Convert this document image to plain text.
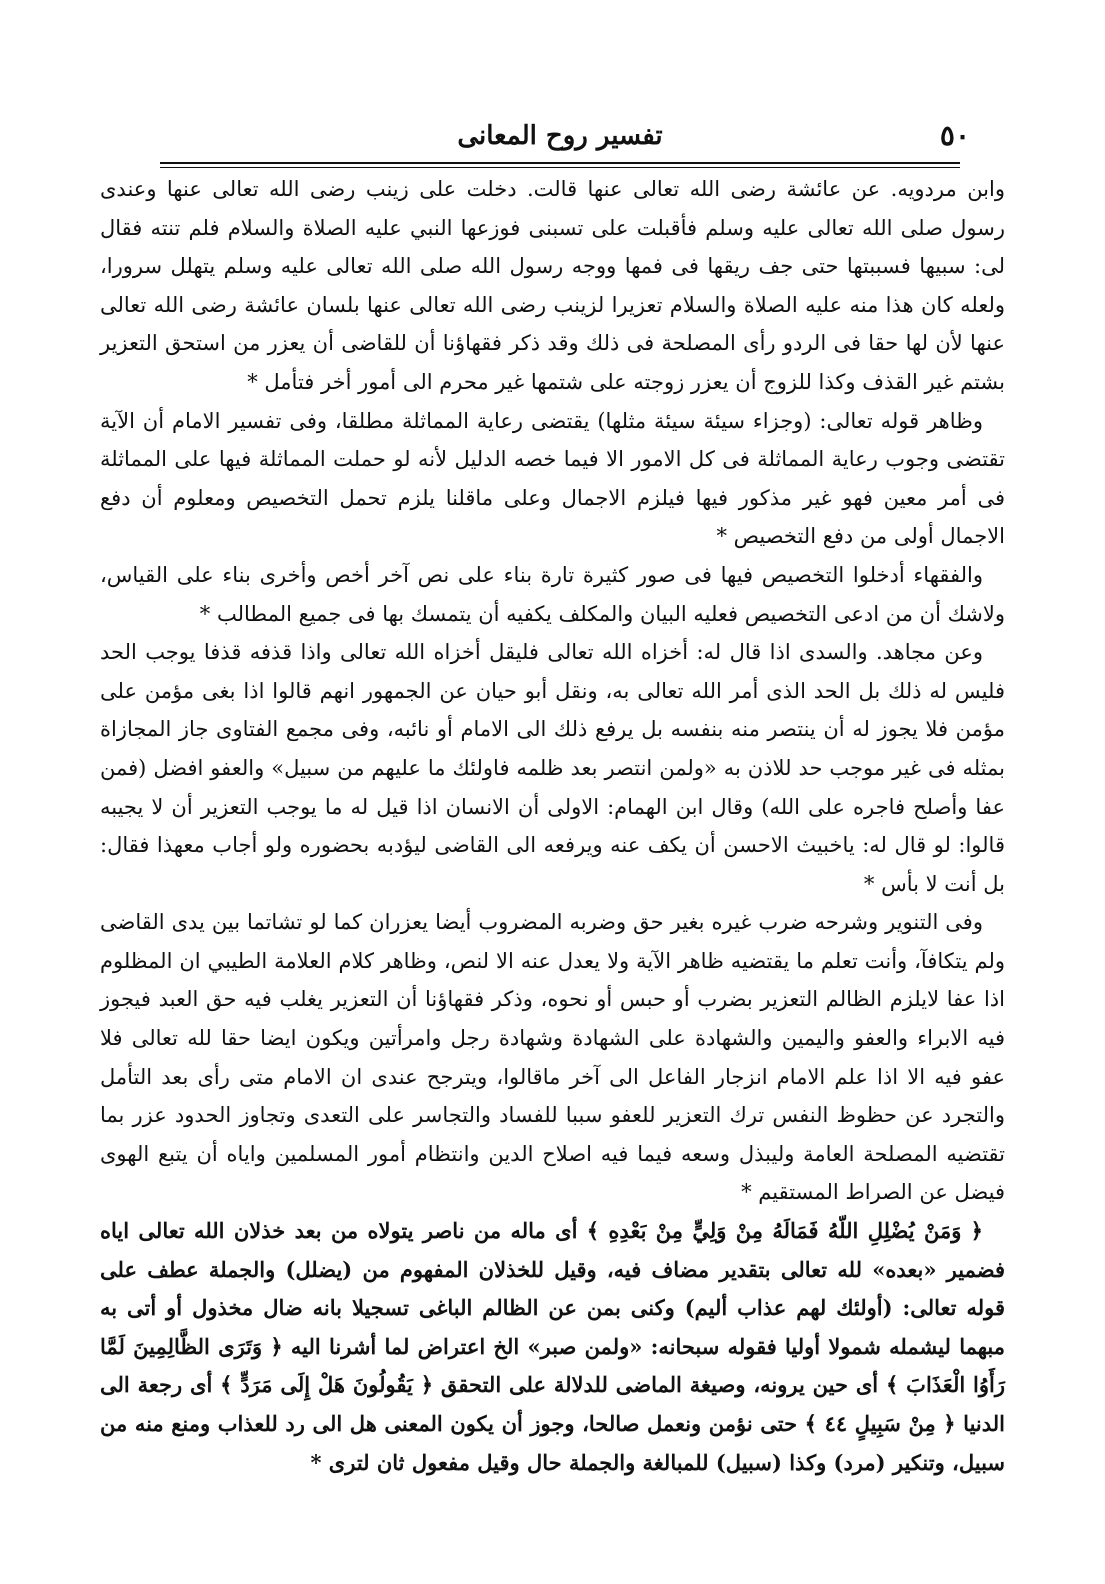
تفسير روح المعانى	٥٠

وابن مردويه. عن عائشة رضى الله تعالى عنها قالت. دخلت على زينب رضى الله تعالى عنها وعندى رسول صلى الله تعالى عليه وسلم فأقبلت على تسبنى فوزعها النبي عليه الصلاة والسلام فلم تنته فقال لى: سبيها فسببتها حتى جف ريقها فى فمها ووجه رسول الله صلى الله تعالى عليه وسلم يتهلل سرورا، ولعله كان هذا منه عليه الصلاة والسلام تعزيرا لزينب رضى الله تعالى عنها بلسان عائشة رضى الله تعالى عنها لأن لها حقا فى الردو رأى المصلحة فى ذلك وقد ذكر فقهاؤنا أن للقاضى أن يعزر من استحق التعزير بشتم غير القذف وكذا للزوج أن يعزر زوجته على شتمها غير محرم الى أمور أخر فتأمل *

وظاهر قوله تعالى: (وجزاء سيئة سيئة مثلها) يقتضى رعاية المماثلة مطلقا، وفى تفسير الامام أن الآية تقتضى وجوب رعاية المماثلة فى كل الامور الا فيما خصه الدليل لأنه لو حملت المماثلة فيها على المماثلة فى أمر معين فهو غير مذكور فيها فيلزم الاجمال وعلى ماقلنا يلزم تحمل التخصيص ومعلوم أن دفع الاجمال أولى من دفع التخصيص *

والفقهاء أدخلوا التخصيص فيها فى صور كثيرة تارة بناء على نص آخر أخص وأخرى بناء على القياس، ولاشك أن من ادعى التخصيص فعليه البيان والمكلف يكفيه أن يتمسك بها فى جميع المطالب *

وعن مجاهد. والسدى اذا قال له: أخزاه الله تعالى فليقل أخزاه الله تعالى واذا قذفه قذفا يوجب الحد فليس له ذلك بل الحد الذى أمر الله تعالى به، ونقل أبو حيان عن الجمهور انهم قالوا اذا بغى مؤمن على مؤمن فلا يجوز له أن ينتصر منه بنفسه بل يرفع ذلك الى الامام أو نائبه، وفى مجمع الفتاوى جاز المجازاة بمثله فى غير موجب حد للاذن به «ولمن انتصر بعد ظلمه فاولئك ما عليهم من سبيل» والعفو افضل (فمن عفا وأصلح فاجره على الله) وقال ابن الهمام: الاولى أن الانسان اذا قيل له ما يوجب التعزير أن لا يجيبه قالوا: لو قال له: ياخبيث الاحسن أن يكف عنه ويرفعه الى القاضى ليؤدبه بحضوره ولو أجاب معهذا فقال: بل أنت لا بأس *

وفى التنوير وشرحه ضرب غيره بغير حق وضربه المضروب أيضا يعزران كما لو تشاتما بين يدى القاضى ولم يتكافآ، وأنت تعلم ما يقتضيه ظاهر الآية ولا يعدل عنه الا لنص، وظاهر كلام العلامة الطيبي ان المظلوم اذا عفا لايلزم الظالم التعزير بضرب أو حبس أو نحوه، وذكر فقهاؤنا أن التعزير يغلب فيه حق العبد فيجوز فيه الابراء والعفو واليمين والشهادة على الشهادة وشهادة رجل وامرأتين ويكون ايضا حقا لله تعالى فلا عفو فيه الا اذا علم الامام انزجار الفاعل الى آخر ماقالوا، ويترجح عندى ان الامام متى رأى بعد التأمل والتجرد عن حظوظ النفس ترك التعزير للعفو سببا للفساد والتجاسر على التعدى وتجاوز الحدود عزر بما تقتضيه المصلحة العامة وليبذل وسعه فيما فيه اصلاح الدين وانتظام أمور المسلمين واياه أن يتبع الهوى فيضل عن الصراط المستقيم *

﴿ وَمَنْ يُضْلِلِ اللّهُ فَمَالَهُ مِنْ وَلِيٍّ مِنْ بَعْدِهِ ﴾ أى ماله من ناصر يتولاه من بعد خذلان الله تعالى اياه فضمير «بعده» لله تعالى بتقدير مضاف فيه، وقيل للخذلان المفهوم من (يضلل) والجملة عطف على قوله تعالى: (أولئك لهم عذاب أليم) وكنى بمن عن الظالم الباغى تسجيلا بانه ضال مخذول أو أتى به مبهما ليشمله شمولا أوليا فقوله سبحانه: «ولمن صبر» الخ اعتراض لما أشرنا اليه ﴿ وَتَرَى الظَّالِمِينَ لَمَّا رَأَوُا الْعَذَابَ ﴾ أى حين يرونه، وصيغة الماضى للدلالة على التحقق ﴿ يَقُولُونَ هَلْ إِلَى مَرَدٍّ ﴾ أى رجعة الى الدنيا ﴿ مِنْ سَبِيلٍ ٤٤ ﴾ حتى نؤمن ونعمل صالحا، وجوز أن يكون المعنى هل الى رد للعذاب ومنع منه من سبيل، وتنكير (مرد) وكذا (سبيل) للمبالغة والجملة حال وقيل مفعول ثان لترى *
